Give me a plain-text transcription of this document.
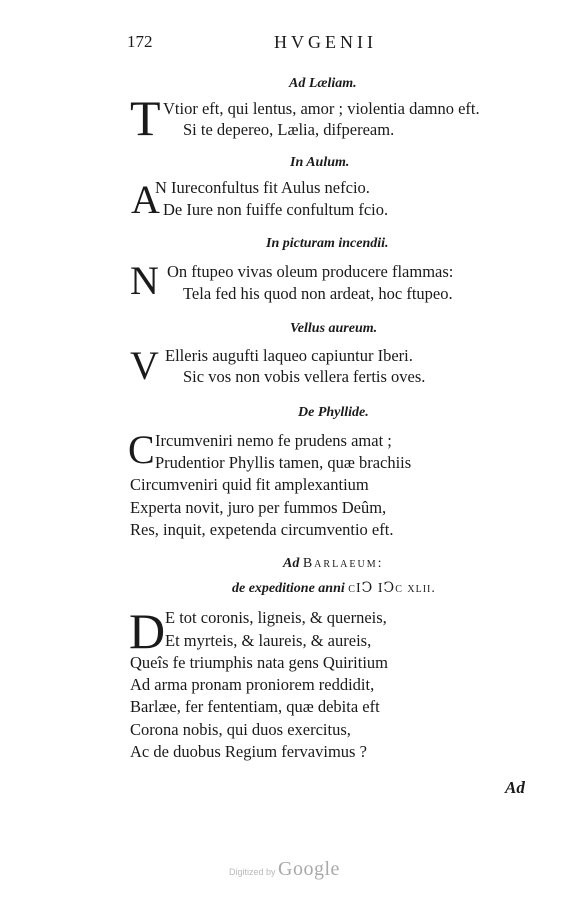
172	HVGENII
Ad Læliam.
T Vtior eft, qui lentus, amor ; violentia damno eft.
Si te depereo, Lælia, difpeream.
In Aulum.
A
N Iureconfultus fit Aulus nefcio.
De Iure non fuiffe confultum fcio.
In picturam incendii.
N On ftupeo vivas oleum producere flammas:
Tela fed his quod non ardeat, hoc ftupeo.
Vellus aureum.
V Elleris augufti laqueo capiuntur Iberi.
Sic vos non vobis vellera fertis oves.
De Phyllide.
C Ircumveniri nemo fe prudens amat ;
Prudentior Phyllis tamen, quæ brachiis
Circumveniri quid fit amplexantium
Experta novit, juro per fummos Deûm,
Res, inquit, expetenda circumventio eft.
Ad Barlaeum:
de expeditione anni cIↃ IↃc xlii.
D E tot coronis, ligneis, & querneis,
Et myrteis, & laureis, & aureis,
Queîs fe triumphis nata gens Quiritium
Ad arma pronam proniorem reddidit,
Barlæe, fer fententiam, quæ debita eft
Corona nobis, qui duos exercitus,
Ac de duobus Regium fervavimus ?
Ad
Digitized by Google
